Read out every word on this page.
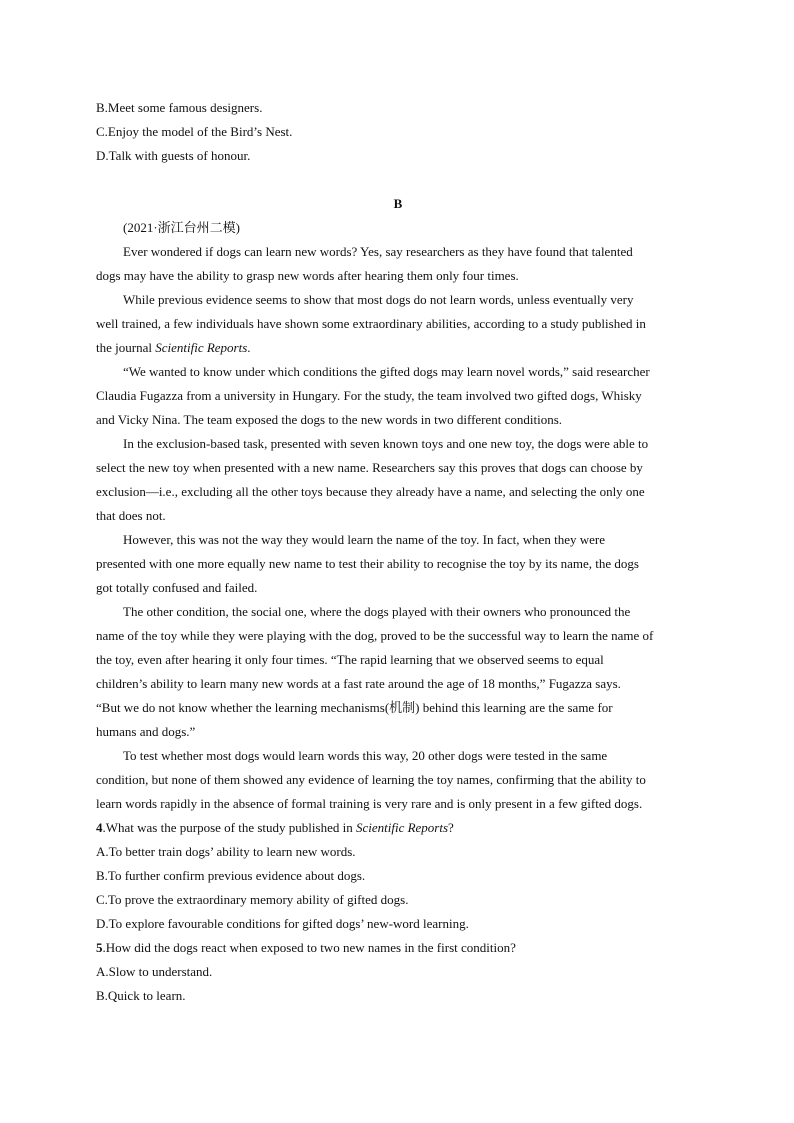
B.Meet some famous designers.
C.Enjoy the model of the Bird’s Nest.
D.Talk with guests of honour.
B
(2021·浙江台州二模)
Ever wondered if dogs can learn new words? Yes, say researchers as they have found that talented
dogs may have the ability to grasp new words after hearing them only four times.
While previous evidence seems to show that most dogs do not learn words, unless eventually very
well trained, a few individuals have shown some extraordinary abilities, according to a study published in
the journal Scientific Reports.
“We wanted to know under which conditions the gifted dogs may learn novel words,” said researcher
Claudia Fugazza from a university in Hungary. For the study, the team involved two gifted dogs, Whisky
and Vicky Nina. The team exposed the dogs to the new words in two different conditions.
In the exclusion-based task, presented with seven known toys and one new toy, the dogs were able to
select the new toy when presented with a new name. Researchers say this proves that dogs can choose by
exclusion—i.e., excluding all the other toys because they already have a name, and selecting the only one
that does not.
However, this was not the way they would learn the name of the toy. In fact, when they were
presented with one more equally new name to test their ability to recognise the toy by its name, the dogs
got totally confused and failed.
The other condition, the social one, where the dogs played with their owners who pronounced the
name of the toy while they were playing with the dog, proved to be the successful way to learn the name of
the toy, even after hearing it only four times. “The rapid learning that we observed seems to equal
children’s ability to learn many new words at a fast rate around the age of 18 months,” Fugazza says.
“But we do not know whether the learning mechanisms(机制) behind this learning are the same for
humans and dogs.”
To test whether most dogs would learn words this way, 20 other dogs were tested in the same
condition, but none of them showed any evidence of learning the toy names, confirming that the ability to
learn words rapidly in the absence of formal training is very rare and is only present in a few gifted dogs.
4.What was the purpose of the study published in Scientific Reports?
A.To better train dogs’ ability to learn new words.
B.To further confirm previous evidence about dogs.
C.To prove the extraordinary memory ability of gifted dogs.
D.To explore favourable conditions for gifted dogs’ new-word learning.
5.How did the dogs react when exposed to two new names in the first condition?
A.Slow to understand.
B.Quick to learn.
